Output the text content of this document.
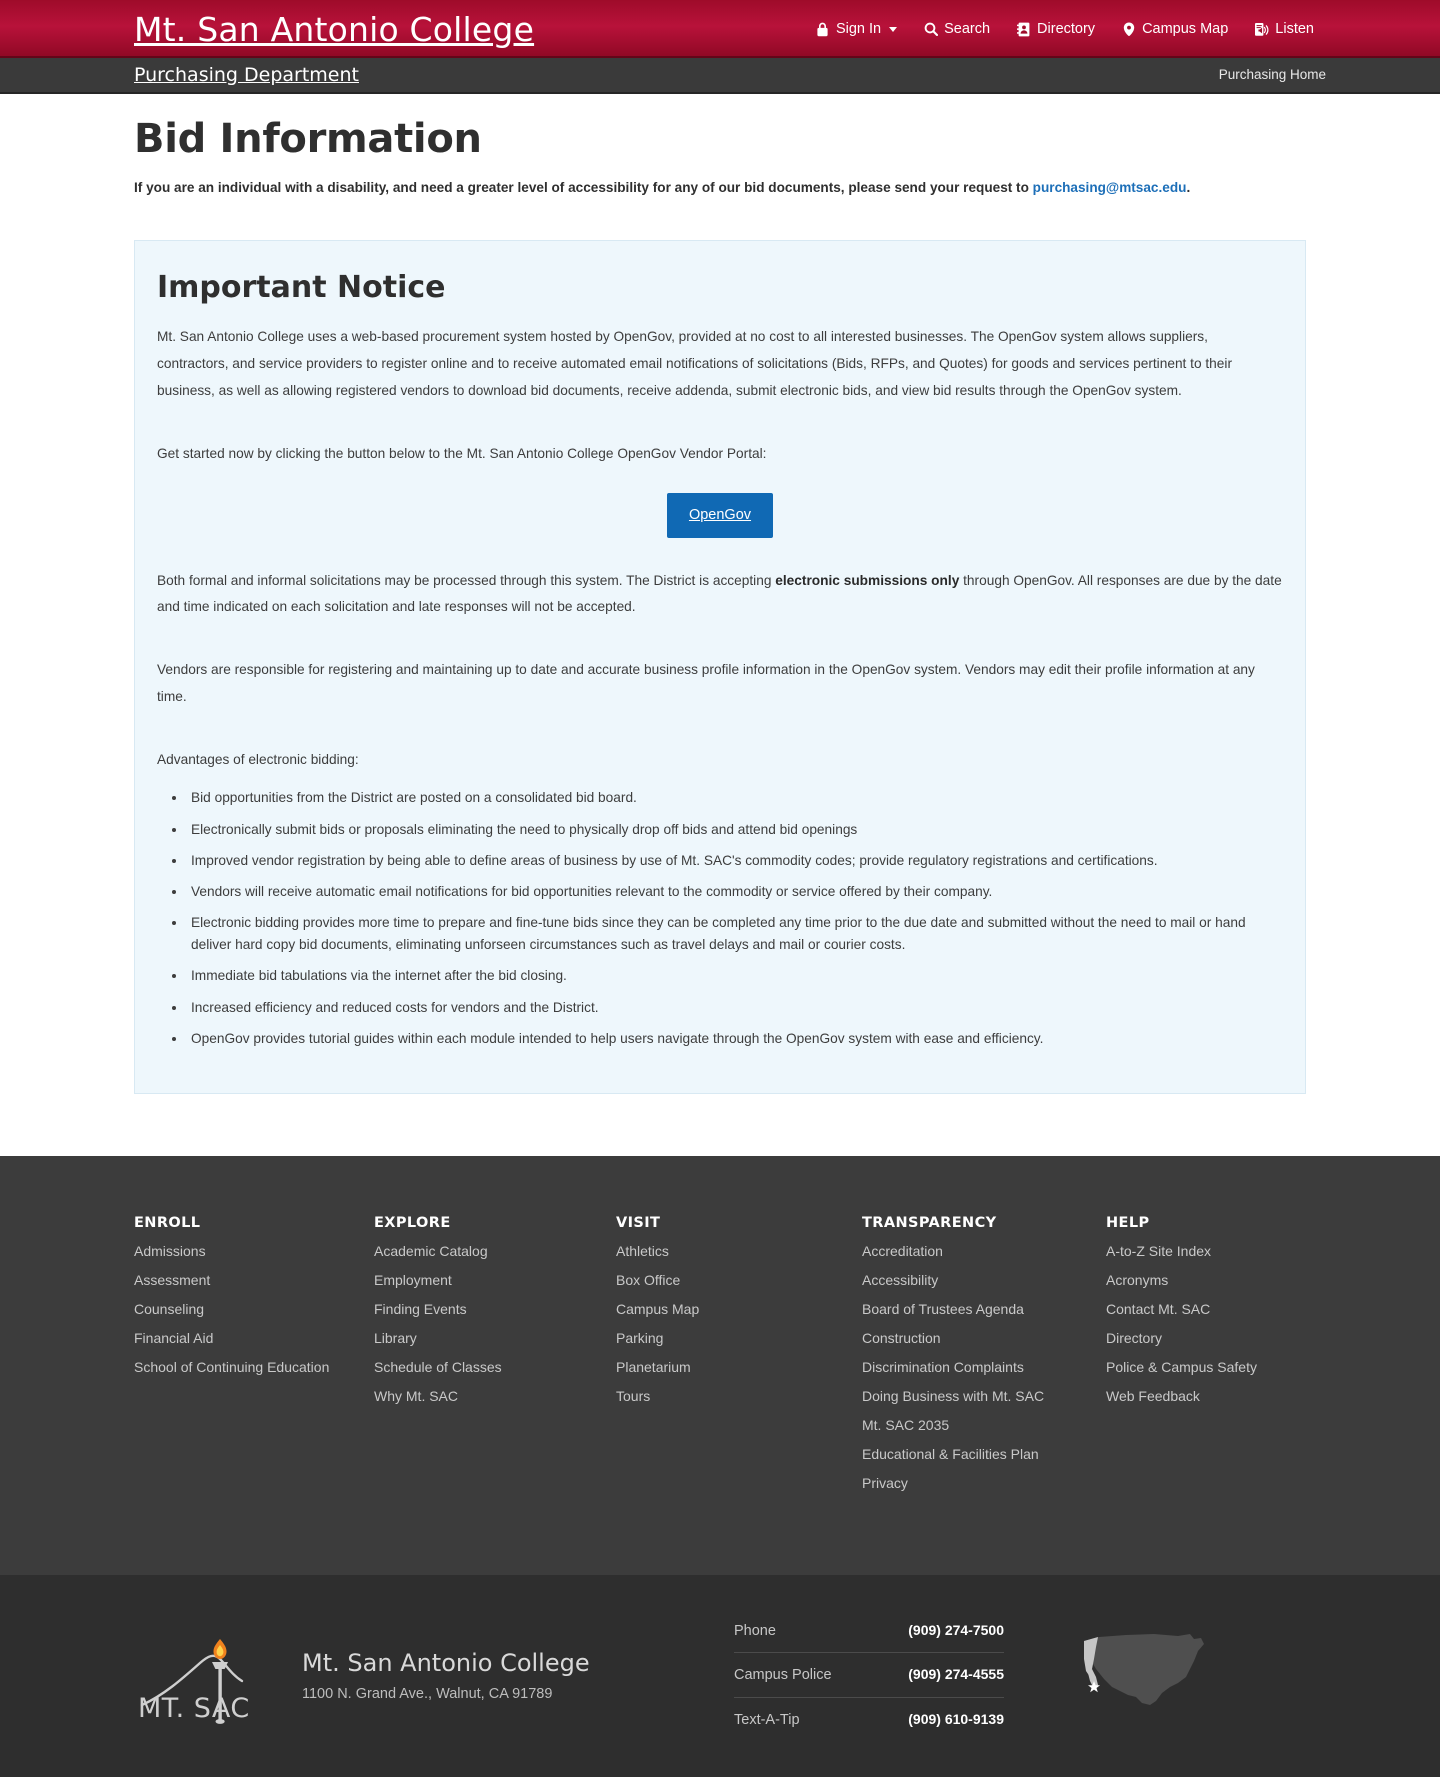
Mt. San Antonio College	Sign In	Search	Directory	Campus Map	Listen
Purchasing Department	Purchasing Home
Bid Information

If you are an individual with a disability, and need a greater level of accessibility for any of our bid documents, please send your request to purchasing@mtsac.edu.

Important Notice

Mt. San Antonio College uses a web-based procurement system hosted by OpenGov, provided at no cost to all interested businesses. The OpenGov system allows suppliers, contractors, and service providers to register online and to receive automated email notifications of solicitations (Bids, RFPs, and Quotes) for goods and services pertinent to their business, as well as allowing registered vendors to download bid documents, receive addenda, submit electronic bids, and view bid results through the OpenGov system.

Get started now by clicking the button below to the Mt. San Antonio College OpenGov Vendor Portal:

OpenGov

Both formal and informal solicitations may be processed through this system. The District is accepting electronic submissions only through OpenGov. All responses are due by the date and time indicated on each solicitation and late responses will not be accepted.

Vendors are responsible for registering and maintaining up to date and accurate business profile information in the OpenGov system. Vendors may edit their profile information at any time.

Advantages of electronic bidding:

• Bid opportunities from the District are posted on a consolidated bid board.
• Electronically submit bids or proposals eliminating the need to physically drop off bids and attend bid openings
• Improved vendor registration by being able to define areas of business by use of Mt. SAC's commodity codes; provide regulatory registrations and certifications.
• Vendors will receive automatic email notifications for bid opportunities relevant to the commodity or service offered by their company.
• Electronic bidding provides more time to prepare and fine-tune bids since they can be completed any time prior to the due date and submitted without the need to mail or hand deliver hard copy bid documents, eliminating unforseen circumstances such as travel delays and mail or courier costs.
• Immediate bid tabulations via the internet after the bid closing.
• Increased efficiency and reduced costs for vendors and the District.
• OpenGov provides tutorial guides within each module intended to help users navigate through the OpenGov system with ease and efficiency.
ENROLL
Admissions
Assessment
Counseling
Financial Aid
School of Continuing Education
EXPLORE
Academic Catalog
Employment
Finding Events
Library
Schedule of Classes
Why Mt. SAC
VISIT
Athletics
Box Office
Campus Map
Parking
Planetarium
Tours
TRANSPARENCY
Accreditation
Accessibility
Board of Trustees Agenda
Construction
Discrimination Complaints
Doing Business with Mt. SAC
Mt. SAC 2035
Educational & Facilities Plan
Privacy
HELP
A-to-Z Site Index
Acronyms
Contact Mt. SAC
Directory
Police & Campus Safety
Web Feedback
MT. SAC
Mt. San Antonio College
1100 N. Grand Ave., Walnut, CA 91789
Phone	(909) 274-7500
Campus Police	(909) 274-4555
Text-A-Tip	(909) 610-9139
